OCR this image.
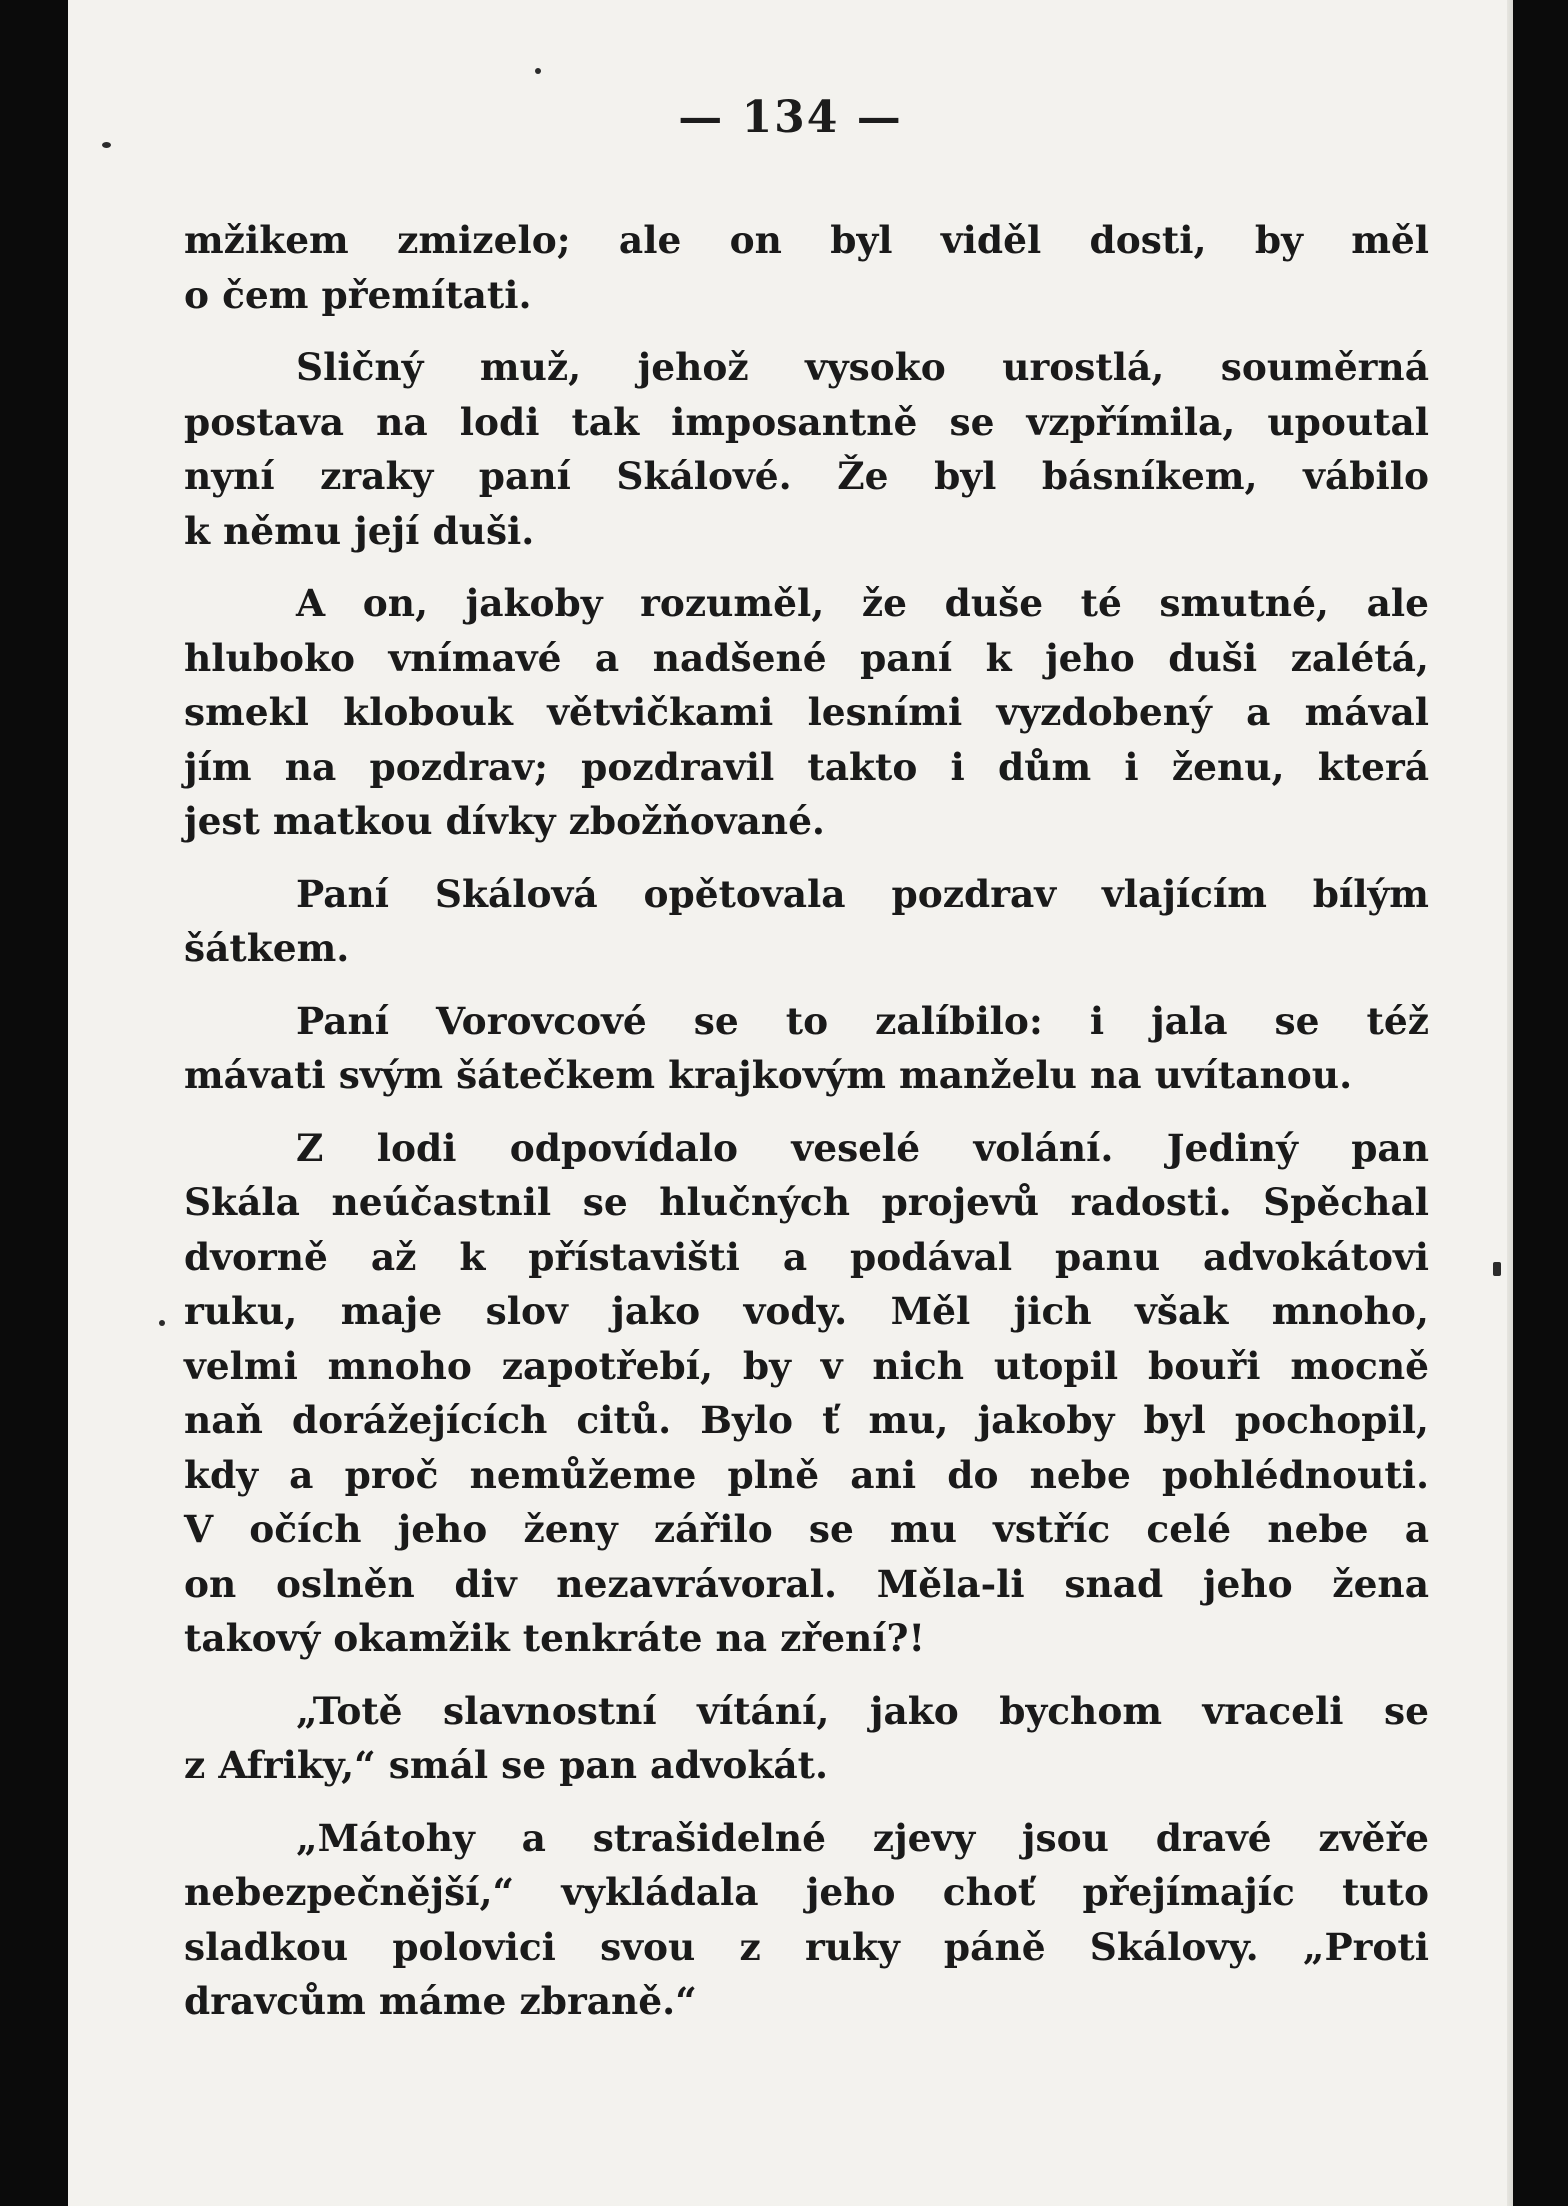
— 134 —
mžikem zmizelo; ale on byl viděl dosti, by měl
o čem přemítati.
Sličný muž, jehož vysoko urostlá, souměrná
postava na lodi tak imposantně se vzpřímila, upoutal
nyní zraky paní Skálové. Že byl básníkem, vábilo
k němu její duši.
A on, jakoby rozuměl, že duše té smutné, ale
hluboko vnímavé a nadšené paní k jeho duši zalétá,
smekl klobouk větvičkami lesními vyzdobený a mával
jím na pozdrav; pozdravil takto i dům i ženu, která
jest matkou dívky zbožňované.
Paní Skálová opětovala pozdrav vlajícím bílým
šátkem.
Paní Vorovcové se to zalíbilo: i jala se též
mávati svým šátečkem krajkovým manželu na uvítanou.
Z lodi odpovídalo veselé volání. Jediný pan
Skála neúčastnil se hlučných projevů radosti. Spěchal
dvorně až k přístavišti a podával panu advokátovi
ruku, maje slov jako vody. Měl jich však mnoho,
velmi mnoho zapotřebí, by v nich utopil bouři mocně
naň dorážejících citů. Bylo ť mu, jakoby byl pochopil,
kdy a proč nemůžeme plně ani do nebe pohlédnouti.
V očích jeho ženy zářilo se mu vstříc celé nebe a
on oslněn div nezavrávoral. Měla-li snad jeho žena
takový okamžik tenkráte na zření?!
„Totě slavnostní vítání, jako bychom vraceli se
z Afriky,“ smál se pan advokát.
„Mátohy a strašidelné zjevy jsou dravé zvěře
nebezpečnější,“ vykládala jeho choť přejímajíc tuto
sladkou polovici svou z ruky páně Skálovy. „Proti
dravcům máme zbraně.“
